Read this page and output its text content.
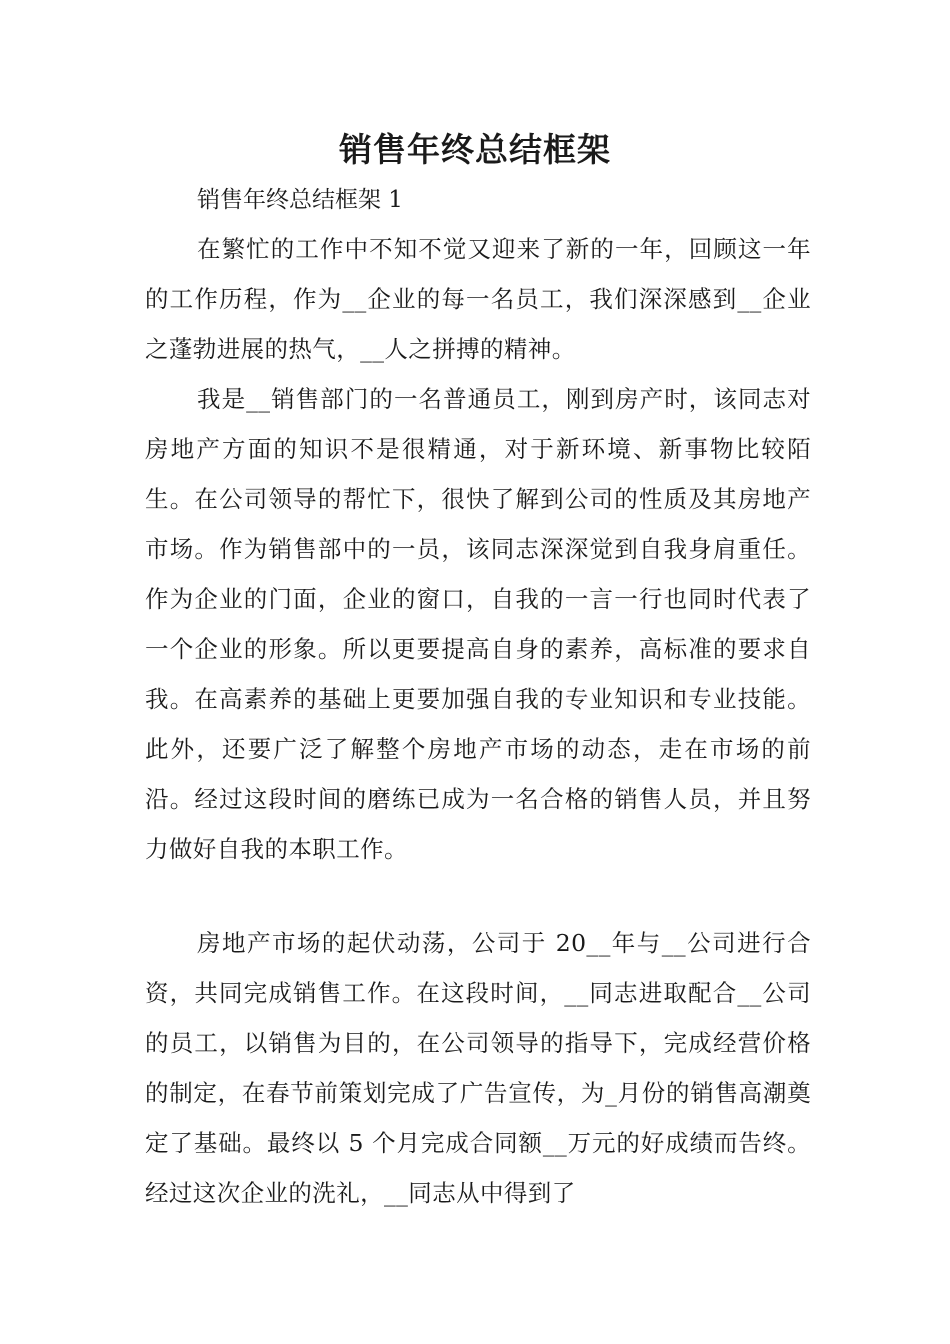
销售年终总结框架

销售年终总结框架 1

在繁忙的工作中不知不觉又迎来了新的一年，回顾这一年的工作历程，作为__企业的每一名员工，我们深深感到__企业之蓬勃进展的热气，__人之拼搏的精神。

我是__销售部门的一名普通员工，刚到房产时，该同志对房地产方面的知识不是很精通，对于新环境、新事物比较陌生。在公司领导的帮忙下，很快了解到公司的性质及其房地产市场。作为销售部中的一员，该同志深深觉到自我身肩重任。作为企业的门面，企业的窗口，自我的一言一行也同时代表了一个企业的形象。所以更要提高自身的素养，高标准的要求自我。在高素养的基础上更要加强自我的专业知识和专业技能。此外，还要广泛了解整个房地产市场的动态，走在市场的前沿。经过这段时间的磨练已成为一名合格的销售人员，并且努力做好自我的本职工作。

房地产市场的起伏动荡，公司于 20__年与__公司进行合资，共同完成销售工作。在这段时间，__同志进取配合__公司的员工，以销售为目的，在公司领导的指导下，完成经营价格的制定，在春节前策划完成了广告宣传，为_月份的销售高潮奠定了基础。最终以 5 个月完成合同额__万元的好成绩而告终。经过这次企业的洗礼，__同志从中得到了
